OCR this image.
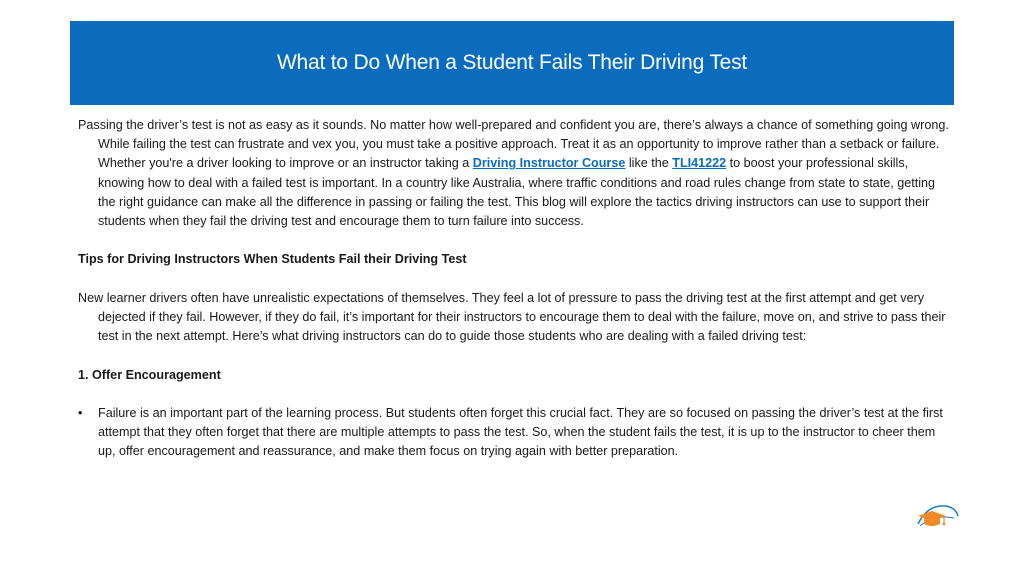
What to Do When a Student Fails Their Driving Test

Passing the driver’s test is not as easy as it sounds. No matter how well-prepared and confident you are, there’s always a chance of something going wrong. While failing the test can frustrate and vex you, you must take a positive approach. Treat it as an opportunity to improve rather than a setback or failure. Whether you're a driver looking to improve or an instructor taking a Driving Instructor Course like the TLI41222 to boost your professional skills, knowing how to deal with a failed test is important. In a country like Australia, where traffic conditions and road rules change from state to state, getting the right guidance can make all the difference in passing or failing the test. This blog will explore the tactics driving instructors can use to support their students when they fail the driving test and encourage them to turn failure into success.

Tips for Driving Instructors When Students Fail their Driving Test

New learner drivers often have unrealistic expectations of themselves. They feel a lot of pressure to pass the driving test at the first attempt and get very dejected if they fail. However, if they do fail, it’s important for their instructors to encourage them to deal with the failure, move on, and strive to pass their test in the next attempt. Here’s what driving instructors can do to guide those students who are dealing with a failed driving test:

1. Offer Encouragement

• Failure is an important part of the learning process. But students often forget this crucial fact. They are so focused on passing the driver’s test at the first attempt that they often forget that there are multiple attempts to pass the test. So, when the student fails the test, it is up to the instructor to cheer them up, offer encouragement and reassurance, and make them focus on trying again with better preparation.
